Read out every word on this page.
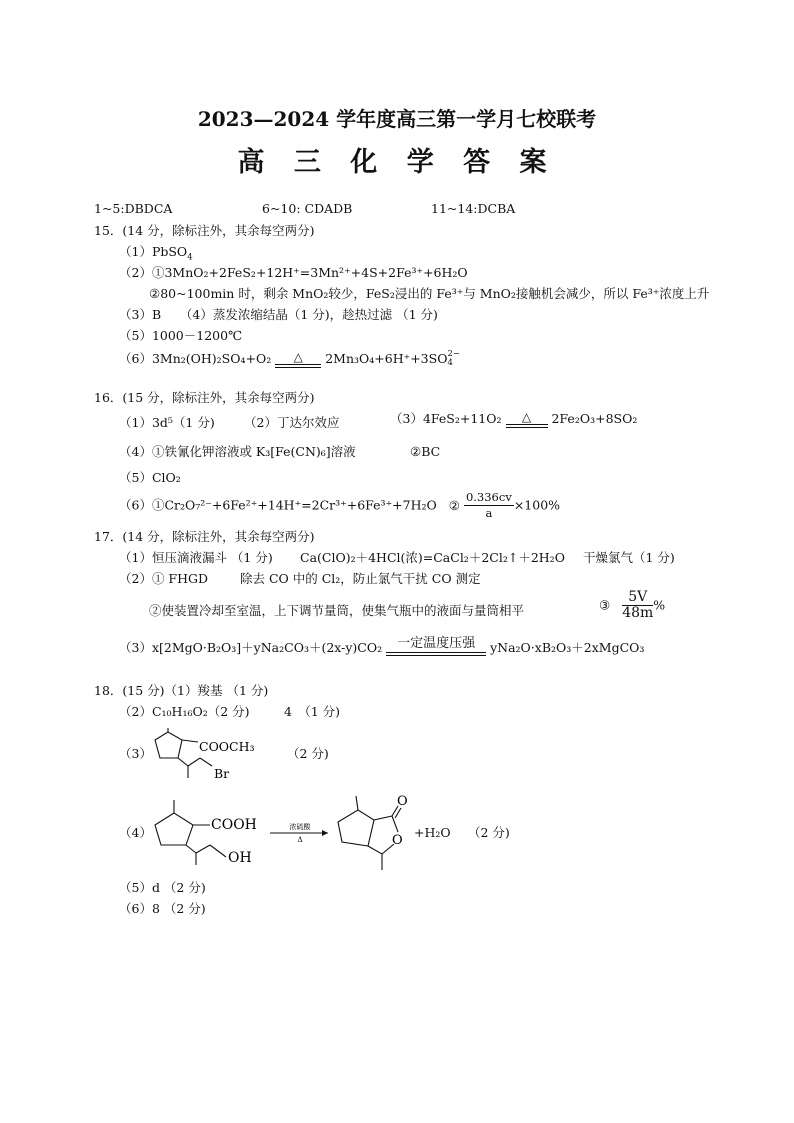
2023—2024 学年度高三第一学月七校联考
高 三 化 学 答 案
1~5:DBDCA	6~10: CDADB	11~14:DCBA
15．(14 分，除标注外，其余每空两分)
（1）PbSO$_4$
（2）①3MnO₂+2FeS₂+12H⁺=3Mn²⁺+4S+2Fe³⁺+6H₂O
②80~100min 时，剩余 MnO₂较少，FeS₂浸出的 Fe³⁺与 MnO₂接触机会减少，所以 Fe³⁺浓度上升
（3）B　　（4）蒸发浓缩结晶（1 分)，趁热过滤 （1 分)
（5）1000－1200℃
（6）3Mn₂(OH)₂SO₄+O₂	△	2Mn₃O₄+6H⁺+3SO 2−
4
16．(15 分，除标注外，其余每空两分)
（1）3d⁵（1 分) （2）丁达尔效应	（3）4FeS₂+11O₂	△	2Fe₂O₃+8SO₂
（4）①铁氰化钾溶液或 K₃[Fe(CN)₆]溶液	②BC
（5）ClO₂
（6）①Cr₂O₇²⁻+6Fe²⁺+14H⁺=2Cr³⁺+6Fe³⁺+7H₂O ② $\frac{0.336cv}{a} \times 100\%$
17．(14 分，除标注外，其余每空两分)
（1）恒压滴液漏斗 （1 分) Ca(ClO)₂＋4HCl(浓)=CaCl₂＋2Cl₂↑＋2H₂O 干燥氯气（1 分)
（2）① FHGD	除去 CO 中的 Cl₂，防止氯气干扰 CO 测定
②使装置冷却至室温，上下调节量筒，使集气瓶中的液面与量筒相平	③ $\frac{5V}{48m}$ %
（3）x[2MgO·B₂O₃]＋yNa₂CO₃＋(2x-y)CO₂	一定温度压强	yNa₂O·xB₂O₃＋2xMgCO₃
18．(15 分)（1）羧基 （1 分)
（2）C₁₀H₁₆O₂（2 分)	4　（1 分)
（3）	（2 分)
（4）	+H₂O （2 分)
（5）d （2 分)
（6）8 （2 分)
COOCH₃
Br
COOH
OH
浓硫酸
Δ
O
O
